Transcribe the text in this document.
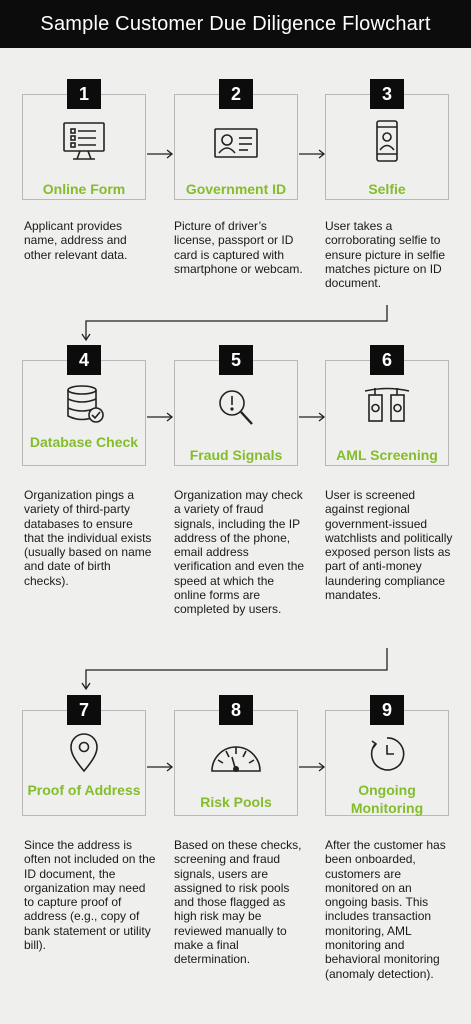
Sample Customer Due Diligence Flowchart
1
Online Form
2
Government ID
3
Selfie
Applicant provides name, address and other relevant data.
Picture of driver’s license, passport or ID card is captured with smartphone or webcam.
User takes a corroborating selfie to ensure picture in selfie matches picture on ID document.
4
Database Check
5
Fraud Signals
6
AML Screening
Organization pings a variety of third-party databases to ensure that the individual exists (usually based on name and date of birth checks).
Organization may check a variety of fraud signals, including the IP address of the phone, email address verification and even the speed at which the online forms are completed by users.
User is screened against regional government-issued watchlists and politically exposed person lists as part of anti-money laundering compliance mandates.
7
Proof of Address
8
Risk Pools
9
Ongoing Monitoring
Since the address is often not included on the ID document, the organization may need to capture proof of address (e.g., copy of bank statement or utility bill).
Based on these checks, screening and fraud signals, users are assigned to risk pools and those flagged as high risk may be reviewed manually to make a final determination.
After the customer has been onboarded, customers are monitored on an ongoing basis. This includes transaction monitoring, AML monitoring and behavioral monitoring (anomaly detection).
